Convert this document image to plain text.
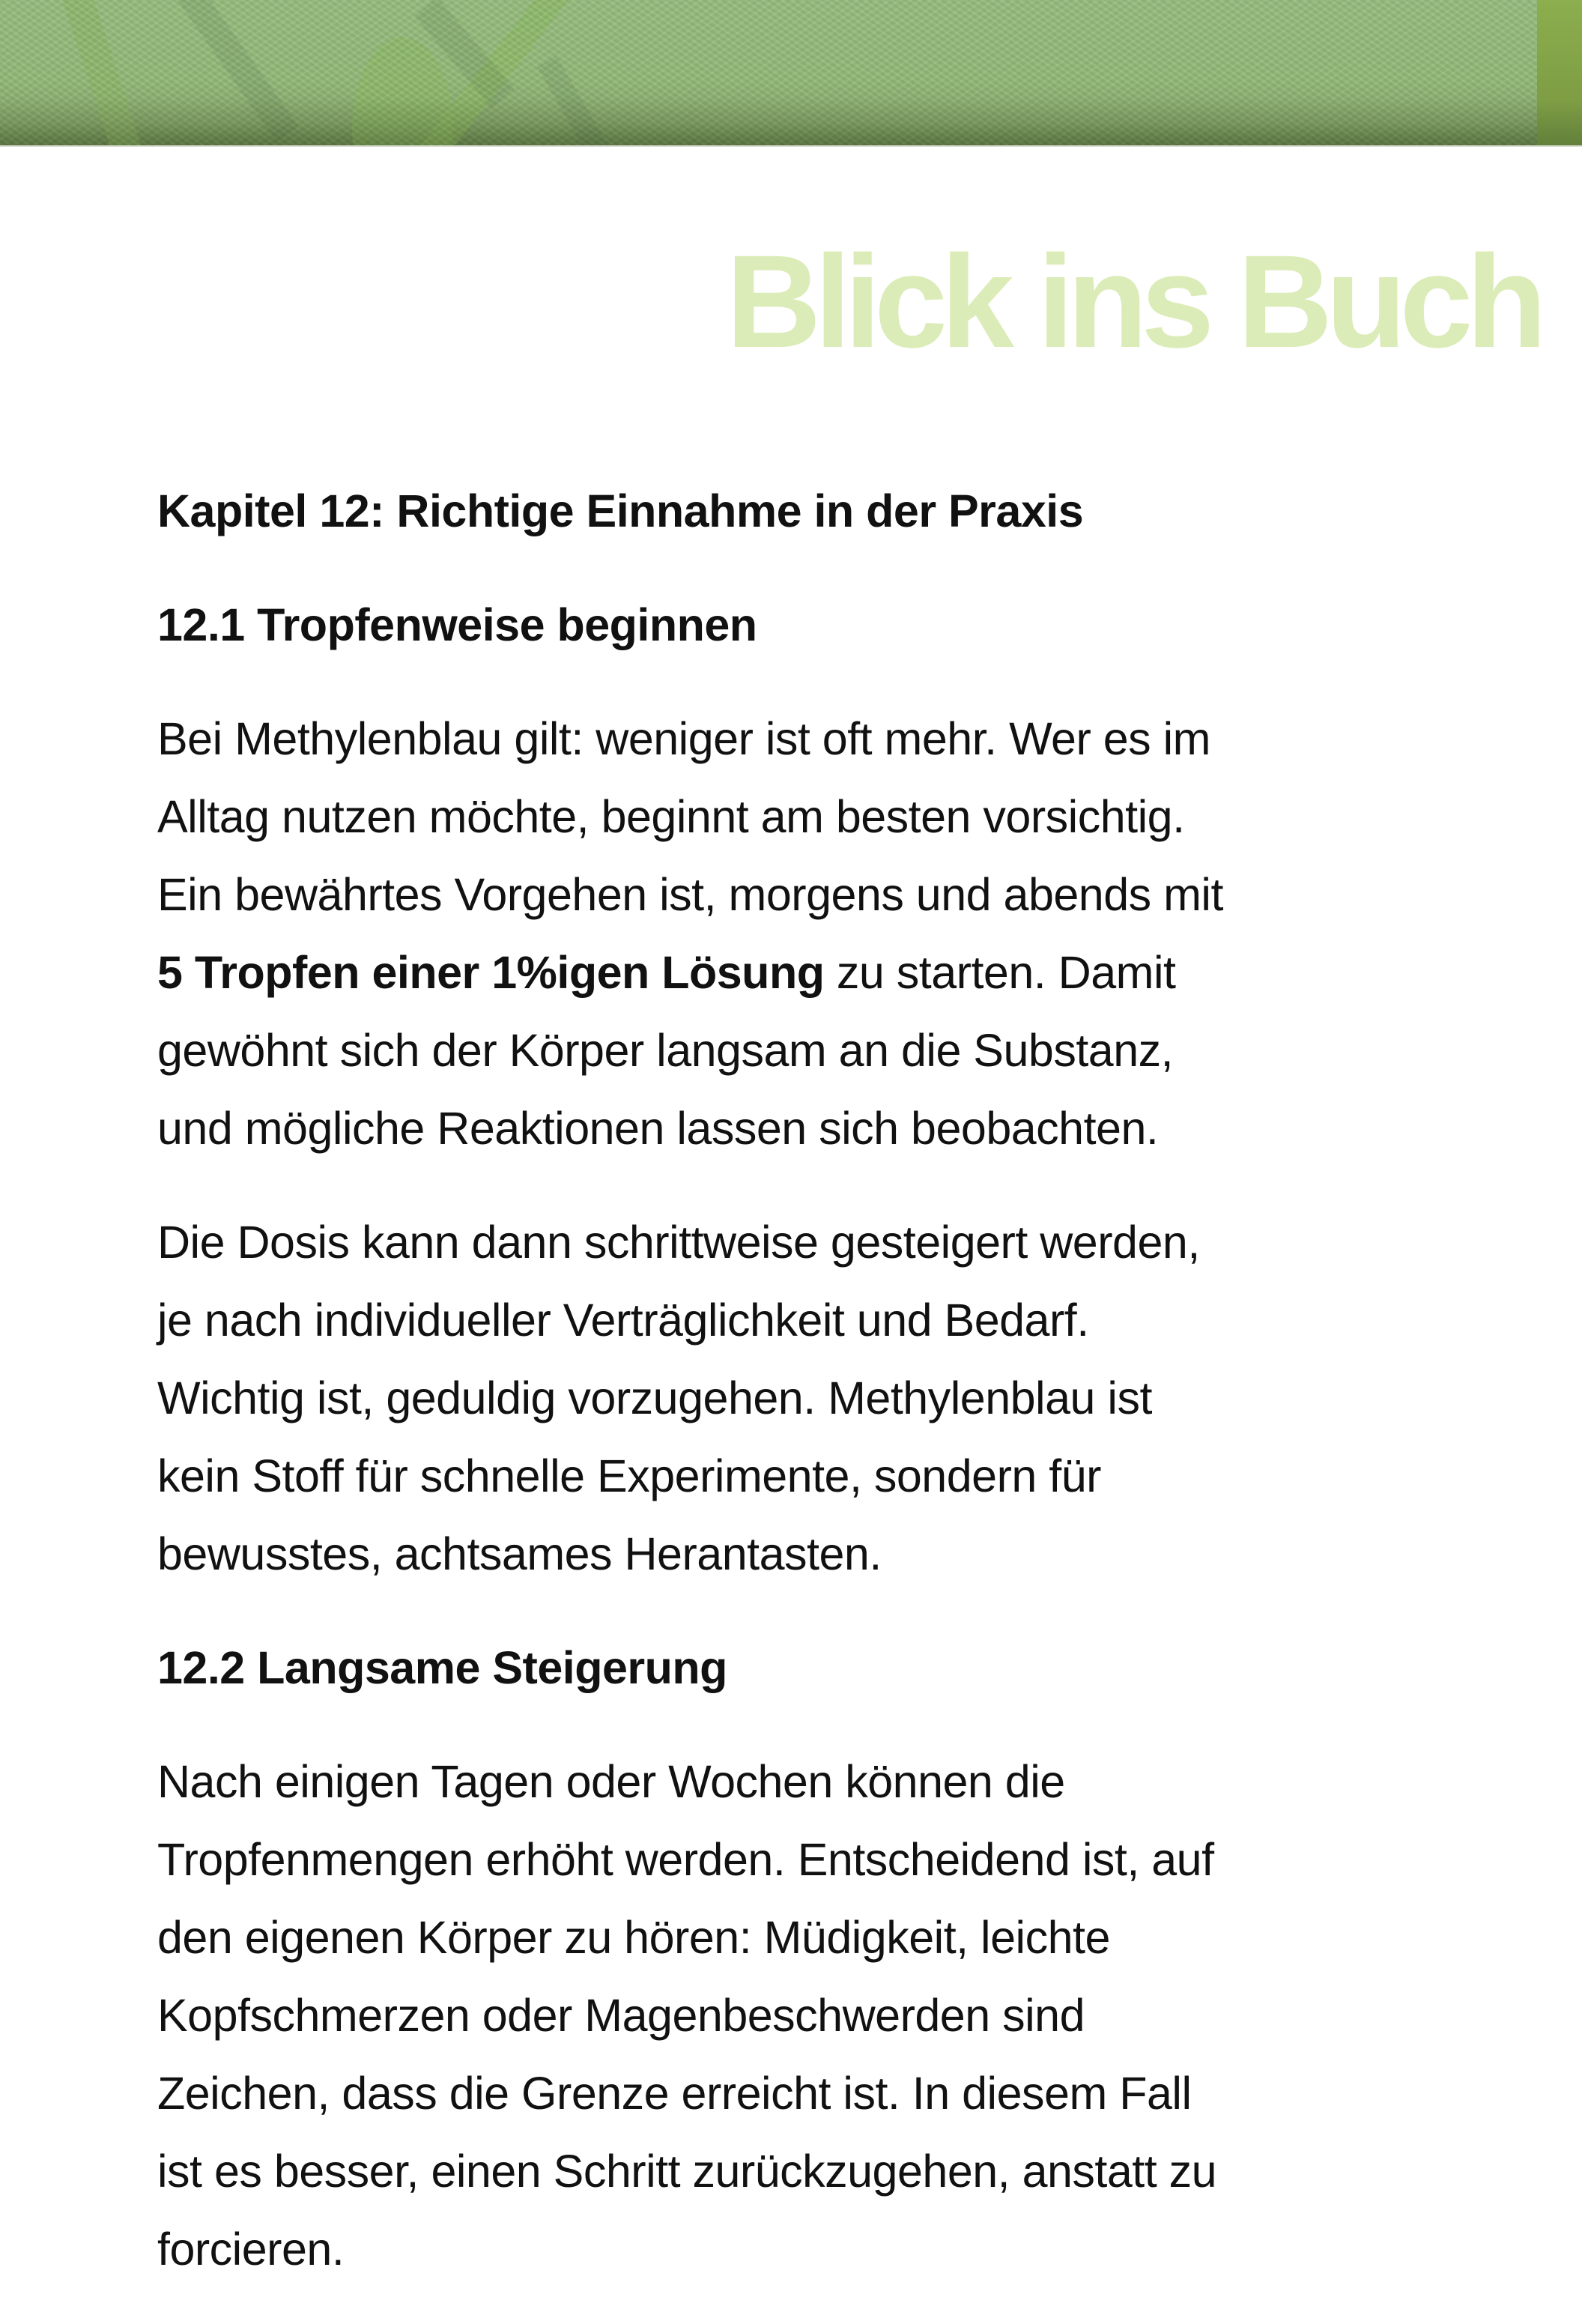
Blick ins Buch
Kapitel 12: Richtige Einnahme in der Praxis
12.1 Tropfenweise beginnen

Bei Methylenblau gilt: weniger ist oft mehr. Wer es im
Alltag nutzen möchte, beginnt am besten vorsichtig.
Ein bewährtes Vorgehen ist, morgens und abends mit
5 Tropfen einer 1%igen Lösung zu starten. Damit
gewöhnt sich der Körper langsam an die Substanz,
und mögliche Reaktionen lassen sich beobachten.

Die Dosis kann dann schrittweise gesteigert werden,
je nach individueller Verträglichkeit und Bedarf.
Wichtig ist, geduldig vorzugehen. Methylenblau ist
kein Stoff für schnelle Experimente, sondern für
bewusstes, achtsames Herantasten.

12.2 Langsame Steigerung

Nach einigen Tagen oder Wochen können die
Tropfenmengen erhöht werden. Entscheidend ist, auf
den eigenen Körper zu hören: Müdigkeit, leichte
Kopfschmerzen oder Magenbeschwerden sind
Zeichen, dass die Grenze erreicht ist. In diesem Fall
ist es besser, einen Schritt zurückzugehen, anstatt zu
forcieren.
